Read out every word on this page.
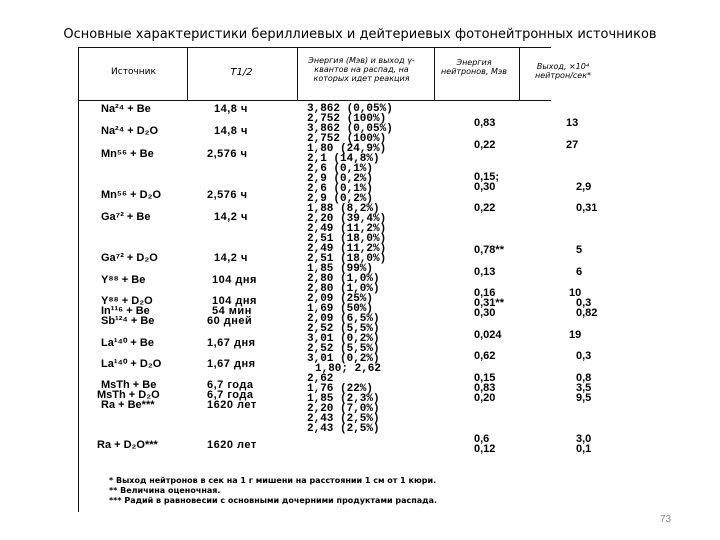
Основные характеристики бериллиевых и дейтериевых фотонейтронных источников
Источник	T1/2
Энергия (Мэв) и выход γ-квантов на распад, на которых идет реакция
Энергия нейтронов, Мэв
Выход, ×10⁴ нейтрон/сек*
Na²⁴ + Be
Na²⁴ + D₂O
Mn⁵⁶ + Be
Mn⁵⁶ + D₂O
Ga⁷² + Be
Ga⁷² + D₂O
Y⁸⁸ + Be
Y⁸⁸ + D₂O
In¹¹⁶ + Be
Sb¹²⁴ + Be
La¹⁴⁰ + Be
La¹⁴⁰ + D₂O
MsTh + Be
MsTh + D₂O
Ra + Be***
Ra + D₂O***
14,8 ч
14,8 ч
2,576 ч
2,576 ч
14,2 ч
14,2 ч
104 дня
104 дня
54 мин
60 дней
1,67 дня
1,67 дня
6,7 года
6,7 года
1620 лет
1620 лет
3,862 (0,05%)
2,752 (100%)
3,862 (0,05%)
2,752 (100%)
1,80 (24,9%)
2,1 (14,8%)
2,6 (0,1%)
2,9 (0,2%)
2,6 (0,1%)
2,9 (0,2%)
1,88 (8,2%)
2,20 (39,4%)
2,49 (11,2%)
2,51 (18,0%)
2,49 (11,2%)
2,51 (18,0%)
1,85 (99%)
2,80 (1,0%)
2,80 (1,0%)
2,09 (25%)
1,69 (50%)
2,09 (6,5%)
2,52 (5,5%)
3,01 (0,2%)
2,52 (5,5%)
3,01 (0,2%)
1,80; 2,62
2,62
1,76 (22%)
1,85 (2,3%)
2,20 (7,0%)
2,43 (2,5%)
2,43 (2,5%)
0,83
0,22
0,15;
0,30
0,22
0,78**
0,13
0,16
0,31**
0,30
0,024
0,62
0,15
0,83
0,20
0,6
0,12
13
27
2,9
0,31
5
6
10
0,3
0,82
19
0,3
0,8
3,5
9,5
3,0
0,1
* Выход нейтронов в сек на 1 г мишени на расстоянии 1 см от 1 кюри.
** Величина оценочная.
*** Радий в равновесии с основными дочерними продуктами распада.
73
